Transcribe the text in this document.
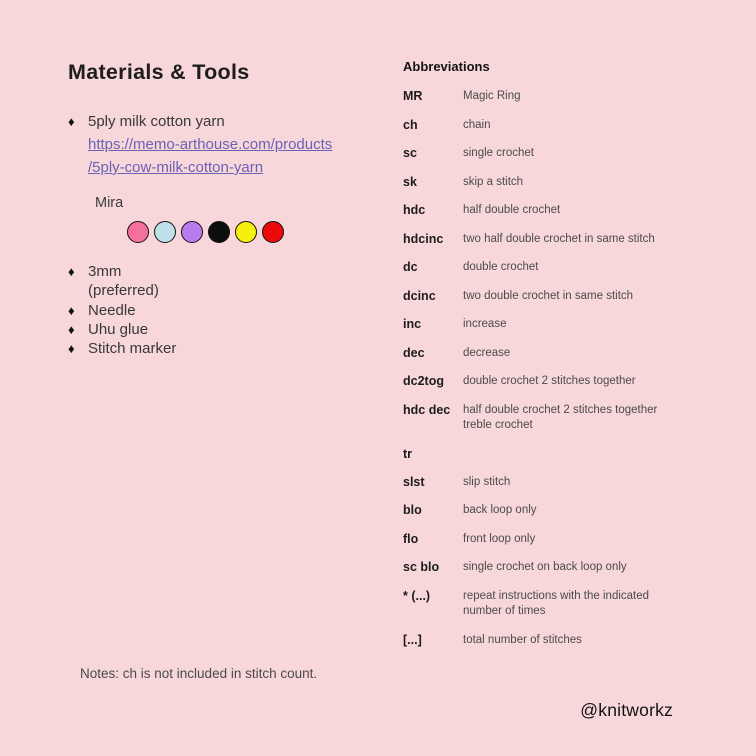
Materials & Tools
♦ 5ply milk cotton yarn
https://memo-arthouse.com/products
/5ply-cow-milk-cotton-yarn
Mira
♦ 3mm
(preferred)
♦ Needle
♦ Uhu glue
♦ Stitch marker
Abbreviations
MR	Magic Ring
ch	chain
sc	single crochet
sk	skip a stitch
hdc	half double crochet
hdcinc	two half double crochet in same stitch
dc	double crochet
dcinc	two double crochet in same stitch
inc	increase
dec	decrease
dc2tog	double crochet 2 stitches together
hdc dec	half double crochet 2 stitches together treble crochet
tr
slst	slip stitch
blo	back loop only
flo	front loop only
sc blo	single crochet on back loop only
* (...)	repeat instructions with the indicated number of times
[...]	total number of stitches
Notes: ch is not included in stitch count.
@knitworkz
